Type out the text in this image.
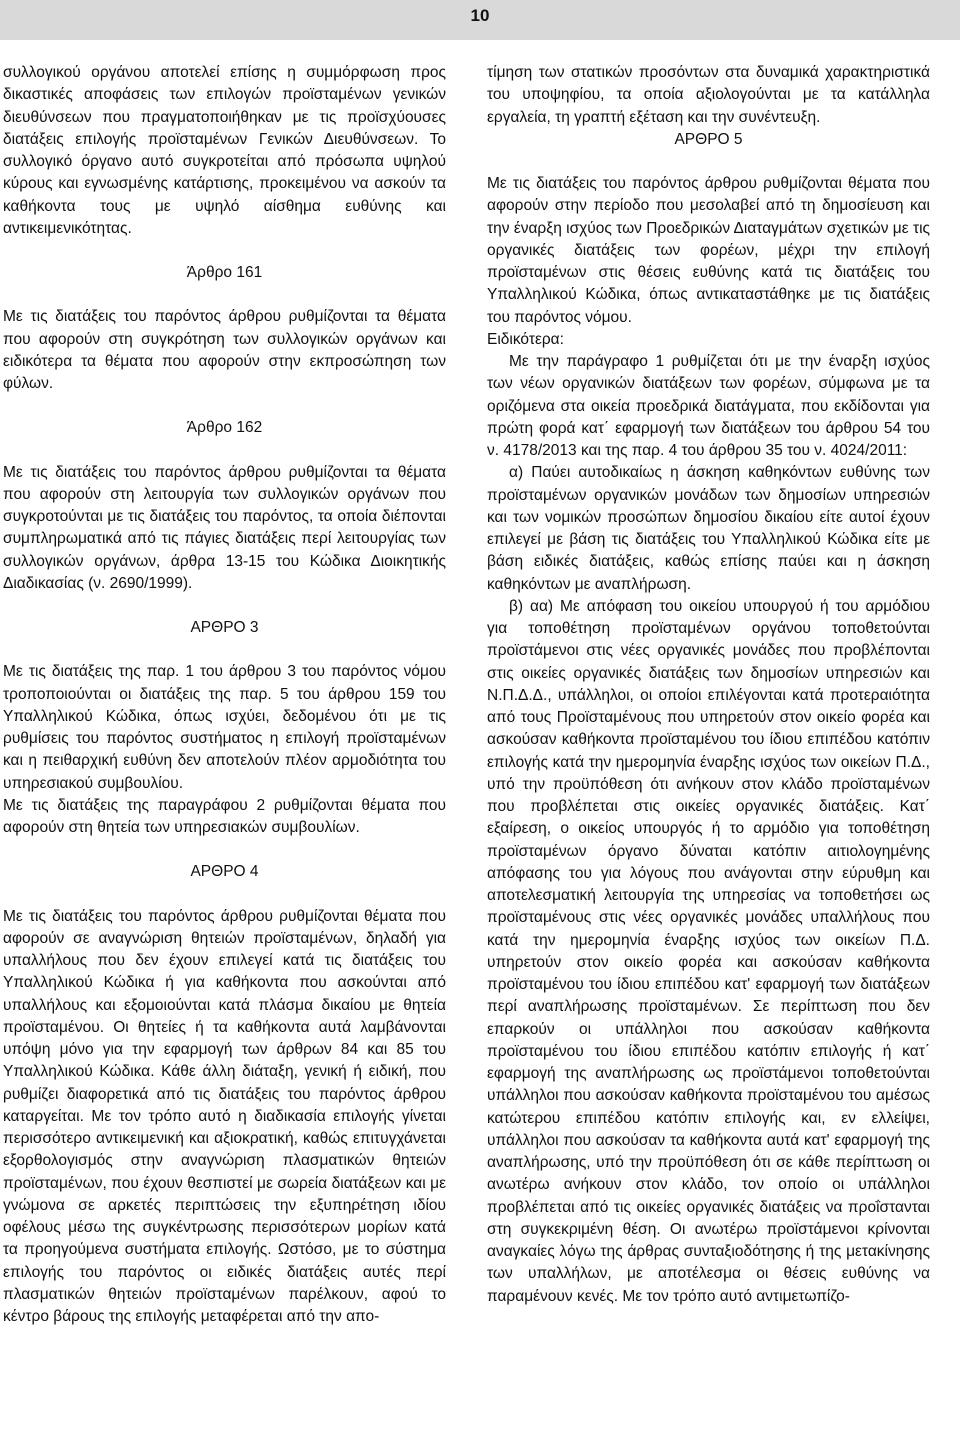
10

συλλογικού οργάνου αποτελεί επίσης η συμμόρφωση προς δικαστικές αποφάσεις των επιλογών προϊσταμένων γενικών διευθύνσεων που πραγματοποιήθηκαν με τις προϊσχύουσες διατάξεις επιλογής προϊσταμένων Γενικών Διευθύνσεων. Το συλλογικό όργανο αυτό συγκροτείται από πρόσωπα υψηλού κύρους και εγνωσμένης κατάρτισης, προκειμένου να ασκούν τα καθήκοντα τους με υψηλό αίσθημα ευθύνης και αντικειμενικότητας.

Άρθρο 161

Με τις διατάξεις του παρόντος άρθρου ρυθμίζονται τα θέματα που αφορούν στη συγκρότηση των συλλογικών οργάνων και ειδικότερα τα θέματα που αφορούν στην εκπροσώπηση των φύλων.

Άρθρο 162

Με τις διατάξεις του παρόντος άρθρου ρυθμίζονται τα θέματα που αφορούν στη λειτουργία των συλλογικών οργάνων που συγκροτούνται με τις διατάξεις του παρόντος, τα οποία διέπονται συμπληρωματικά από τις πάγιες διατάξεις περί λειτουργίας των συλλογικών οργάνων, άρθρα 13-15 του Κώδικα Διοικητικής Διαδικασίας (ν. 2690/1999).

ΑΡΘΡΟ 3

Με τις διατάξεις της παρ. 1 του άρθρου 3 του παρόντος νόμου τροποποιούνται οι διατάξεις της παρ. 5 του άρθρου 159 του Υπαλληλικού Κώδικα, όπως ισχύει, δεδομένου ότι με τις ρυθμίσεις του παρόντος συστήματος η επιλογή προϊσταμένων και η πειθαρχική ευθύνη δεν αποτελούν πλέον αρμοδιότητα του υπηρεσιακού συμβουλίου.

Με τις διατάξεις της παραγράφου 2 ρυθμίζονται θέματα που αφορούν στη θητεία των υπηρεσιακών συμβουλίων.

ΑΡΘΡΟ 4

Με τις διατάξεις του παρόντος άρθρου ρυθμίζονται θέματα που αφορούν σε αναγνώριση θητειών προϊσταμένων, δηλαδή για υπαλλήλους που δεν έχουν επιλεγεί κατά τις διατάξεις του Υπαλληλικού Κώδικα ή για καθήκοντα που ασκούνται από υπαλλήλους και εξομοιούνται κατά πλάσμα δικαίου με θητεία προϊσταμένου. Οι θητείες ή τα καθήκοντα αυτά λαμβάνονται υπόψη μόνο για την εφαρμογή των άρθρων 84 και 85 του Υπαλληλικού Κώδικα. Κάθε άλλη διάταξη, γενική ή ειδική, που ρυθμίζει διαφορετικά από τις διατάξεις του παρόντος άρθρου καταργείται. Με τον τρόπο αυτό η διαδικασία επιλογής γίνεται περισσότερο αντικειμενική και αξιοκρατική, καθώς επιτυγχάνεται εξορθολογισμός στην αναγνώριση πλασματικών θητειών προϊσταμένων, που έχουν θεσπιστεί με σωρεία διατάξεων και με γνώμονα σε αρκετές περιπτώσεις την εξυπηρέτηση ιδίου οφέλους μέσω της συγκέντρωσης περισσότερων μορίων κατά τα προηγούμενα συστήματα επιλογής. Ωστόσο, με το σύστημα επιλογής του παρόντος οι ειδικές διατάξεις αυτές περί πλασματικών θητειών προϊσταμένων παρέλκουν, αφού το κέντρο βάρους της επιλογής μεταφέρεται από την απο-

τίμηση των στατικών προσόντων στα δυναμικά χαρακτηριστικά του υποψηφίου, τα οποία αξιολογούνται με τα κατάλληλα εργαλεία, τη γραπτή εξέταση και την συνέντευξη.

ΑΡΘΡΟ 5

Με τις διατάξεις του παρόντος άρθρου ρυθμίζονται θέματα που αφορούν στην περίοδο που μεσολαβεί από τη δημοσίευση και την έναρξη ισχύος των Προεδρικών Διαταγμάτων σχετικών με τις οργανικές διατάξεις των φορέων, μέχρι την επιλογή προϊσταμένων στις θέσεις ευθύνης κατά τις διατάξεις του Υπαλληλικού Κώδικα, όπως αντικαταστάθηκε με τις διατάξεις του παρόντος νόμου.

Ειδικότερα:

Με την παράγραφο 1 ρυθμίζεται ότι με την έναρξη ισχύος των νέων οργανικών διατάξεων των φορέων, σύμφωνα με τα οριζόμενα στα οικεία προεδρικά διατάγματα, που εκδίδονται για πρώτη φορά κατ΄ εφαρμογή των διατάξεων του άρθρου 54 του ν. 4178/2013 και της παρ. 4 του άρθρου 35 του ν. 4024/2011:

α) Παύει αυτοδικαίως η άσκηση καθηκόντων ευθύνης των προϊσταμένων οργανικών μονάδων των δημοσίων υπηρεσιών και των νομικών προσώπων δημοσίου δικαίου είτε αυτοί έχουν επιλεγεί με βάση τις διατάξεις του Υπαλληλικού Κώδικα είτε με βάση ειδικές διατάξεις, καθώς επίσης παύει και η άσκηση καθηκόντων με αναπλήρωση.

β) αα) Με απόφαση του οικείου υπουργού ή του αρμόδιου για τοποθέτηση προϊσταμένων οργάνου τοποθετούνται προϊστάμενοι στις νέες οργανικές μονάδες που προβλέπονται στις οικείες οργανικές διατάξεις των δημοσίων υπηρεσιών και Ν.Π.Δ.Δ., υπάλληλοι, οι οποίοι επιλέγονται κατά προτεραιότητα από τους Προϊσταμένους που υπηρετούν στον οικείο φορέα και ασκούσαν καθήκοντα προϊσταμένου του ίδιου επιπέδου κατόπιν επιλογής κατά την ημερομηνία έναρξης ισχύος των οικείων Π.Δ., υπό την προϋπόθεση ότι ανήκουν στον κλάδο προϊσταμένων που προβλέπεται στις οικείες οργανικές διατάξεις. Κατ΄ εξαίρεση, ο οικείος υπουργός ή το αρμόδιο για τοποθέτηση προϊσταμένων όργανο δύναται κατόπιν αιτιολογημένης απόφασης του για λόγους που ανάγονται στην εύρυθμη και αποτελεσματική λειτουργία της υπηρεσίας να τοποθετήσει ως προϊσταμένους στις νέες οργανικές μονάδες υπαλλήλους που κατά την ημερομηνία έναρξης ισχύος των οικείων Π.Δ. υπηρετούν στον οικείο φορέα και ασκούσαν καθήκοντα προϊσταμένου του ίδιου επιπέδου κατ' εφαρμογή των διατάξεων περί αναπλήρωσης προϊσταμένων. Σε περίπτωση που δεν επαρκούν οι υπάλληλοι που ασκούσαν καθήκοντα προϊσταμένου του ίδιου επιπέδου κατόπιν επιλογής ή κατ΄ εφαρμογή της αναπλήρωσης ως προϊστάμενοι τοποθετούνται υπάλληλοι που ασκούσαν καθήκοντα προϊσταμένου του αμέσως κατώτερου επιπέδου κατόπιν επιλογής και, εν ελλείψει, υπάλληλοι που ασκούσαν τα καθήκοντα αυτά κατ' εφαρμογή της αναπλήρωσης, υπό την προϋπόθεση ότι σε κάθε περίπτωση οι ανωτέρω ανήκουν στον κλάδο, τον οποίο οι υπάλληλοι προβλέπεται από τις οικείες οργανικές διατάξεις να προΐστανται στη συγκεκριμένη θέση. Οι ανωτέρω προϊστάμενοι κρίνονται αναγκαίες λόγω της άρθρας συνταξιοδότησης ή της μετακίνησης των υπαλλήλων, με αποτέλεσμα οι θέσεις ευθύνης να παραμένουν κενές. Με τον τρόπο αυτό αντιμετωπίζο-
